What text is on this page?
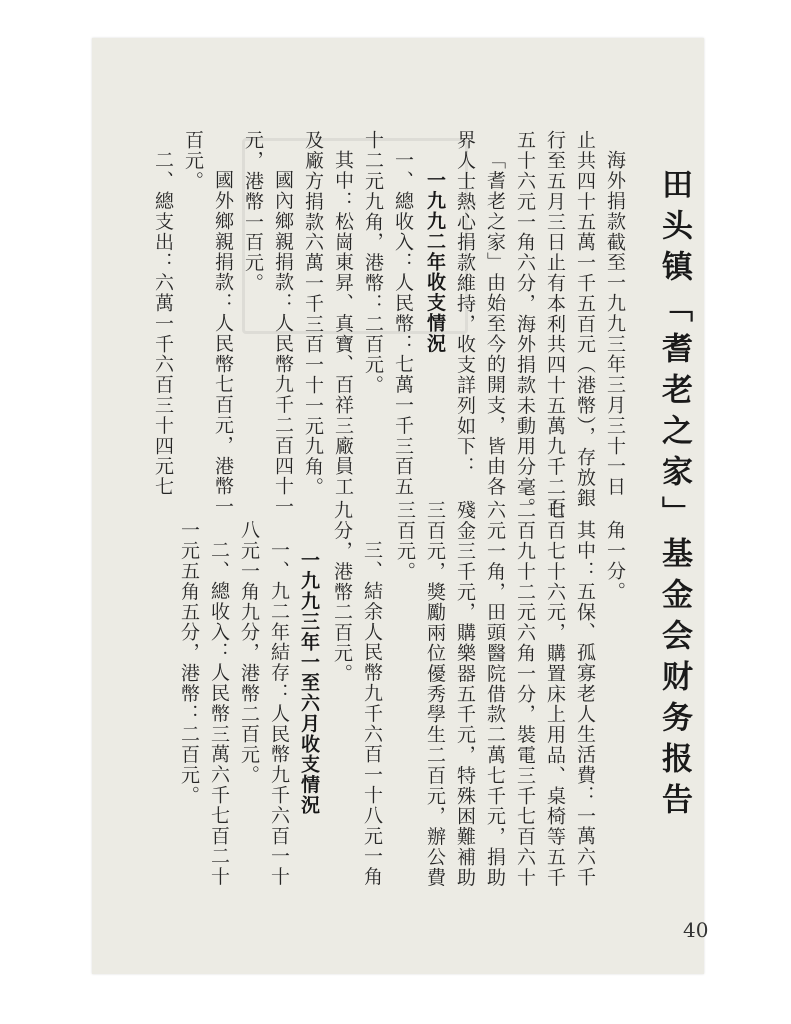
田头镇「耆老之家」基金会财务报告
海外捐款截至一九九三年三月三十一日
止共四十五萬一千五百元（港幣），存放銀
行至五月三日止有本利共四十五萬九千二百
五十六元一角六分，海外捐款未動用分毫。
「耆老之家」由始至今的開支，皆由各
界人士熱心捐款維持，收支詳列如下：
一九九二年收支情況
一、總收入：人民幣：七萬一千三百五
十二元九角，港幣：二百元。
其中：松崗東昇、真寶、百祥三廠員工
及廠方捐款六萬一千三百一十一元九角。
國內鄉親捐款：人民幣九千二百四十一
元，港幣一百元。
國外鄉親捐款：人民幣七百元，港幣一
百元。
二、總支出：六萬一千六百三十四元七
角一分。
其中：五保、孤寡老人生活費：一萬六千
七百七十六元，購置床上用品、桌椅等五千
二百九十二元六角一分，裝電三千七百六十
六元一角，田頭醫院借款二萬七千元，捐助
殘金三千元，購樂器五千元，特殊困難補助
三百元，獎勵兩位優秀學生二百元，辦公費
三百元。
三、結余人民幣九千六百一十八元一角
九分，港幣二百元。
一九九三年一至六月收支情況
一、九二年結存：人民幣九千六百一十
八元一角九分，港幣二百元。
二、總收入：人民幣三萬六千七百二十
一元五角五分，港幣：二百元。
40
